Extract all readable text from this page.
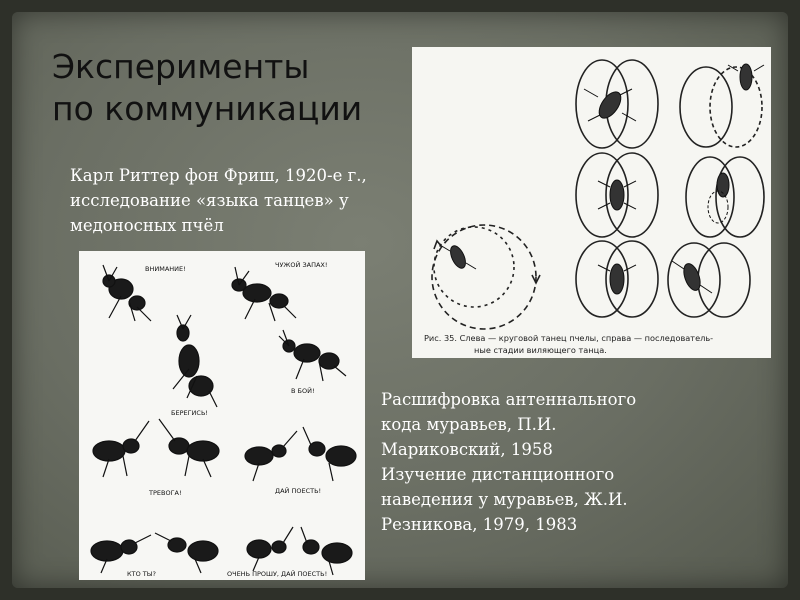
Эксперименты
по коммуникации
Карл Риттер фон Фриш, 1920-е г., исследование «языка танцев» у медоносных пчёл
Рис. 35. Слева — круговой танец пчелы, справа — последователь-
ные стадии виляющего танца.
ВНИМАНИЕ!	ЧУЖОЙ ЗАПАХ!
БЕРЕГИСЬ!
В БОЙ!
ТРЕВОГА!	ДАЙ ПОЕСТЬ!
КТО ТЫ?	ОЧЕНЬ ПРОШУ, ДАЙ ПОЕСТЬ!
Расшифровка антеннального
кода муравьев, П.И.
Мариковский, 1958
Изучение дистанционного
наведения у муравьев, Ж.И.
Резникова, 1979, 1983
